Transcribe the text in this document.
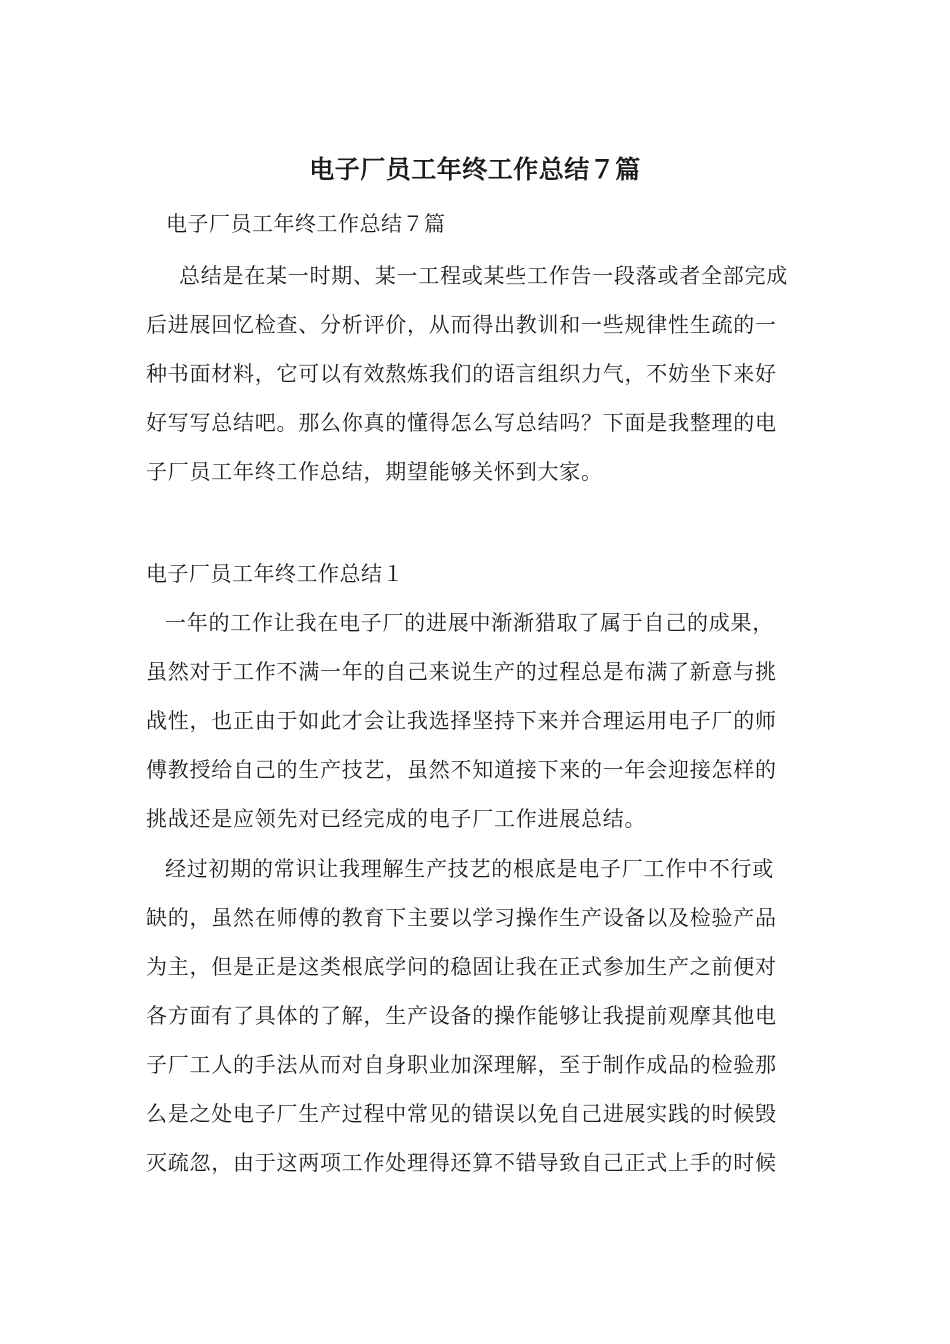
电子厂员工年终工作总结７篇
电子厂员工年终工作总结７篇
总结是在某一时期、某一工程或某些工作告一段落或者全部完成
后进展回忆检查、分析评价，从而得出教训和一些规律性生疏的一
种书面材料，它可以有效熬炼我们的语言组织力气，不妨坐下来好
好写写总结吧。那么你真的懂得怎么写总结吗？下面是我整理的电
子厂员工年终工作总结，期望能够关怀到大家。
电子厂员工年终工作总结１
一年的工作让我在电子厂的进展中渐渐猎取了属于自己的成果，
虽然对于工作不满一年的自己来说生产的过程总是布满了新意与挑
战性，也正由于如此才会让我选择坚持下来并合理运用电子厂的师
傅教授给自己的生产技艺，虽然不知道接下来的一年会迎接怎样的
挑战还是应领先对已经完成的电子厂工作进展总结。
经过初期的常识让我理解生产技艺的根底是电子厂工作中不行或
缺的，虽然在师傅的教育下主要以学习操作生产设备以及检验产品
为主，但是正是这类根底学问的稳固让我在正式参加生产之前便对
各方面有了具体的了解，生产设备的操作能够让我提前观摩其他电
子厂工人的手法从而对自身职业加深理解，至于制作成品的检验那
么是之处电子厂生产过程中常见的错误以免自己进展实践的时候毁
灭疏忽，由于这两项工作处理得还算不错导致自己正式上手的时候
